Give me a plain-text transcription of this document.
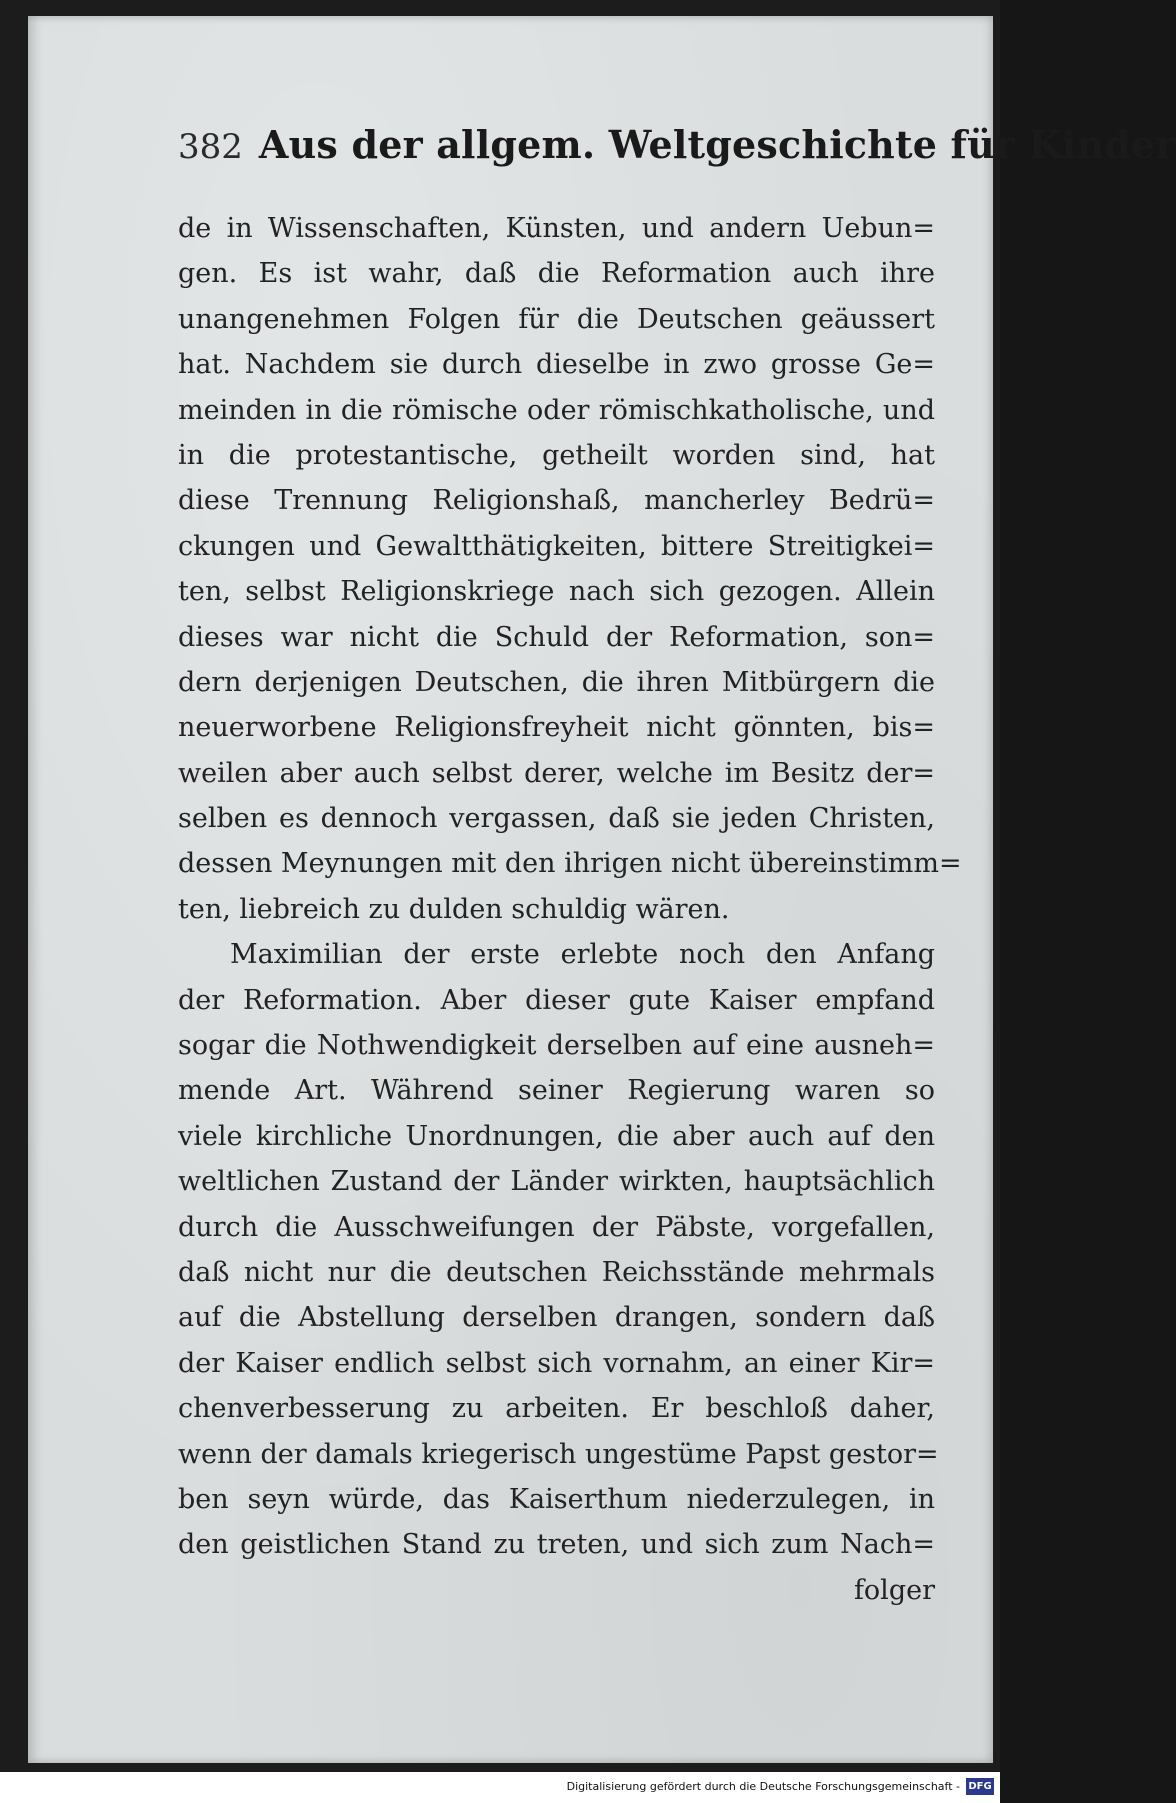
382 Aus der allgem. Weltgeschichte für Kinder
de in Wissenschaften, Künsten, und andern Uebun=
gen. Es ist wahr, daß die Reformation auch ihre
unangenehmen Folgen für die Deutschen geäussert
hat. Nachdem sie durch dieselbe in zwo grosse Ge=
meinden in die römische oder römischkatholische, und
in die protestantische, getheilt worden sind, hat
diese Trennung Religionshaß, mancherley Bedrü=
ckungen und Gewaltthätigkeiten, bittere Streitigkei=
ten, selbst Religionskriege nach sich gezogen. Allein
dieses war nicht die Schuld der Reformation, son=
dern derjenigen Deutschen, die ihren Mitbürgern die
neuerworbene Religionsfreyheit nicht gönnten, bis=
weilen aber auch selbst derer, welche im Besitz der=
selben es dennoch vergassen, daß sie jeden Christen,
dessen Meynungen mit den ihrigen nicht übereinstimm=
ten, liebreich zu dulden schuldig wären.
Maximilian der erste erlebte noch den Anfang
der Reformation. Aber dieser gute Kaiser empfand
sogar die Nothwendigkeit derselben auf eine ausneh=
mende Art. Während seiner Regierung waren so
viele kirchliche Unordnungen, die aber auch auf den
weltlichen Zustand der Länder wirkten, hauptsächlich
durch die Ausschweifungen der Päbste, vorgefallen,
daß nicht nur die deutschen Reichsstände mehrmals
auf die Abstellung derselben drangen, sondern daß
der Kaiser endlich selbst sich vornahm, an einer Kir=
chenverbesserung zu arbeiten. Er beschloß daher,
wenn der damals kriegerisch ungestüme Papst gestor=
ben seyn würde, das Kaiserthum niederzulegen, in
den geistlichen Stand zu treten, und sich zum Nach=
folger
Digitalisierung gefördert durch die Deutsche Forschungsgemeinschaft - DFG
